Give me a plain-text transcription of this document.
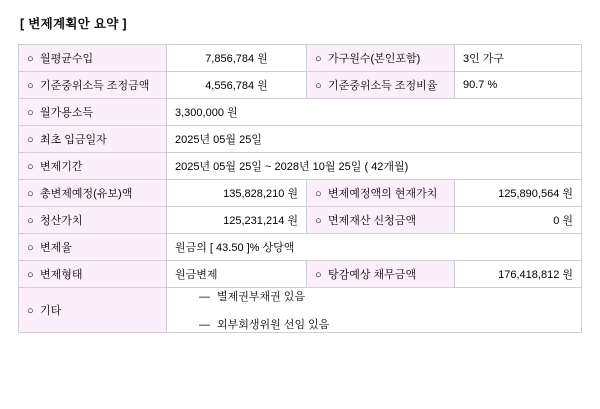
[ 변제계획안 요약 ]
○ 월평균수입	7,856,784 원	○ 가구원수(본인포함)	3인 가구
○ 기준중위소득 조정금액	4,556,784 원	○ 기준중위소득 조정비율	90.7 %
○ 월가용소득	3,300,000 원		
○ 최초 입금일자	2025년 05월 25일		
○ 변제기간	2025년 05월 25일 ~ 2028년 10월 25일 ( 42개월)		
○ 총변제예정(유보)액	135,828,210 원	○ 변제예정액의 현재가치	125,890,564 원
○ 청산가치	125,231,214 원	○ 면제재산 신청금액	0 원
○ 변제율	원금의 [ 43.50 ]% 상당액		
○ 변제형태	원금변제	○ 탕감예상 채무금액	176,418,812 원
○ 기타	― 별제권부채권 있음
― 외부회생위원 선임 있음		
